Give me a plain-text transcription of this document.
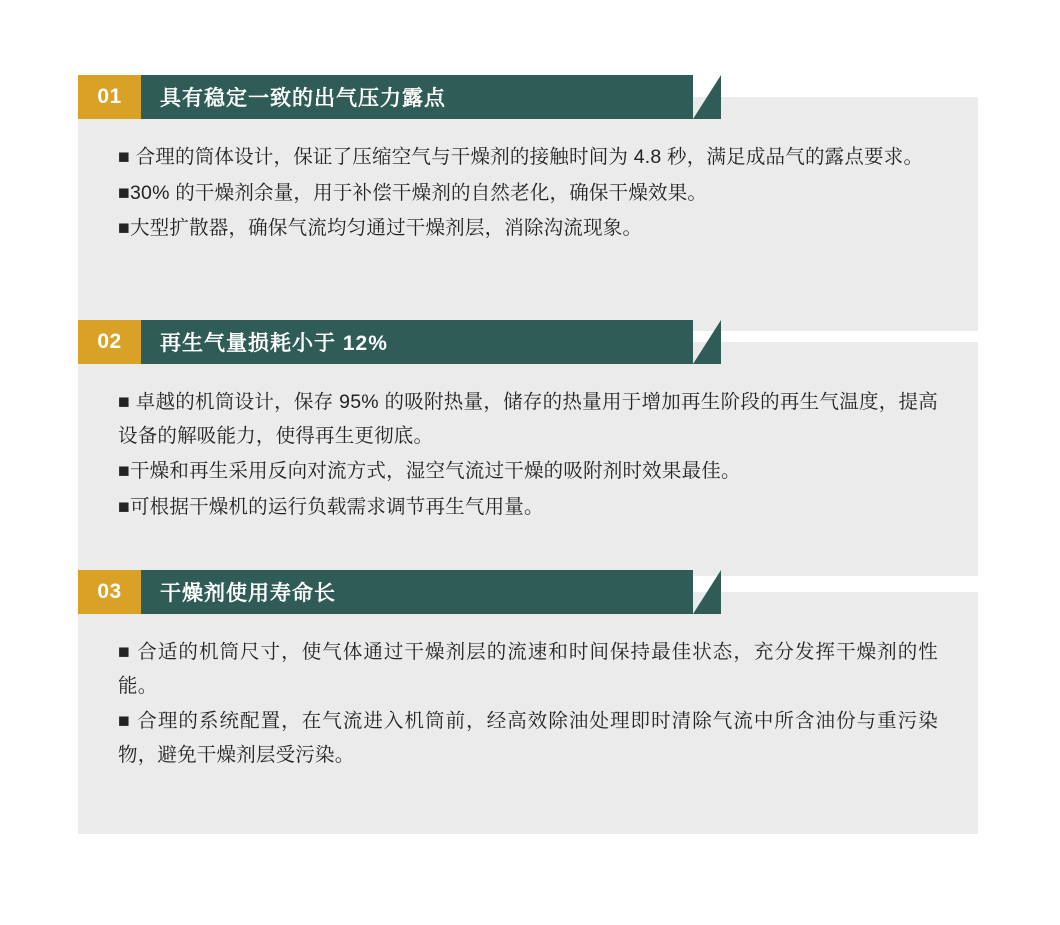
01	具有稳定一致的出气压力露点

■ 合理的筒体设计，保证了压缩空气与干燥剂的接触时间为 4.8 秒，满足成品气的露点要求。

■30% 的干燥剂余量，用于补偿干燥剂的自然老化，确保干燥效果。

■大型扩散器，确保气流均匀通过干燥剂层，消除沟流现象。

02	再生气量损耗小于 12%

■ 卓越的机筒设计，保存 95% 的吸附热量，储存的热量用于增加再生阶段的再生气温度，提高设备的解吸能力，使得再生更彻底。

■干燥和再生采用反向对流方式，湿空气流过干燥的吸附剂时效果最佳。

■可根据干燥机的运行负载需求调节再生气用量。

03	干燥剂使用寿命长

■ 合适的机筒尺寸，使气体通过干燥剂层的流速和时间保持最佳状态，充分发挥干燥剂的性能。

■ 合理的系统配置，在气流进入机筒前，经高效除油处理即时清除气流中所含油份与重污染物，避免干燥剂层受污染。
